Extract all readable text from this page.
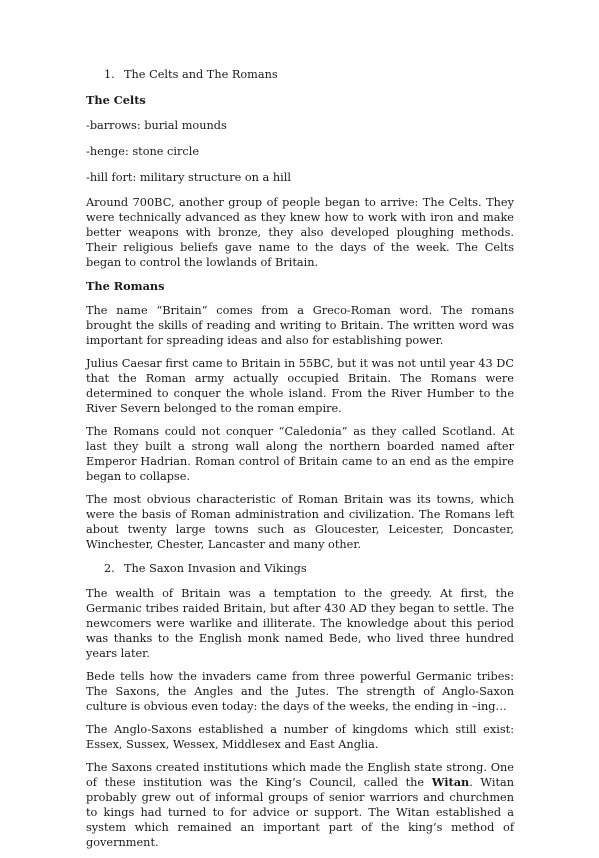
1. The Celts and The Romans
The Celts
-barrows: burial mounds
-henge: stone circle
-hill fort: military structure on a hill

Around 700BC, another group of people began to arrive: The Celts. They were technically advanced as they knew how to work with iron and make better weapons with bronze, they also developed ploughing methods. Their religious beliefs gave name to the days of the week. The Celts began to control the lowlands of Britain.

The Romans

The name “Britain” comes from a Greco-Roman word. The romans brought the skills of reading and writing to Britain. The written word was important for spreading ideas and also for establishing power.

Julius Caesar first came to Britain in 55BC, but it was not until year 43 DC that the Roman army actually occupied Britain. The Romans were determined to conquer the whole island. From the River Humber to the River Severn belonged to the roman empire.

The Romans could not conquer “Caledonia” as they called Scotland. At last they built a strong wall along the northern boarded named after Emperor Hadrian. Roman control of Britain came to an end as the empire began to collapse.

The most obvious characteristic of Roman Britain was its towns, which were the basis of Roman administration and civilization. The Romans left about twenty large towns such as Gloucester, Leicester, Doncaster, Winchester, Chester, Lancaster and many other.

2. The Saxon Invasion and Vikings

The wealth of Britain was a temptation to the greedy. At first, the Germanic tribes raided Britain, but after 430 AD they began to settle. The newcomers were warlike and illiterate. The knowledge about this period was thanks to the English monk named Bede, who lived three hundred years later.

Bede tells how the invaders came from three powerful Germanic tribes: The Saxons, the Angles and the Jutes. The strength of Anglo-Saxon culture is obvious even today: the days of the weeks, the ending in –ing…

The Anglo-Saxons established a number of kingdoms which still exist: Essex, Sussex, Wessex, Middlesex and East Anglia.

The Saxons created institutions which made the English state strong. One of these institution was the King’s Council, called the Witan. Witan probably grew out of informal groups of senior warriors and churchmen to kings had turned to for advice or support. The Witan established a system which remained an important part of the king’s method of government.
